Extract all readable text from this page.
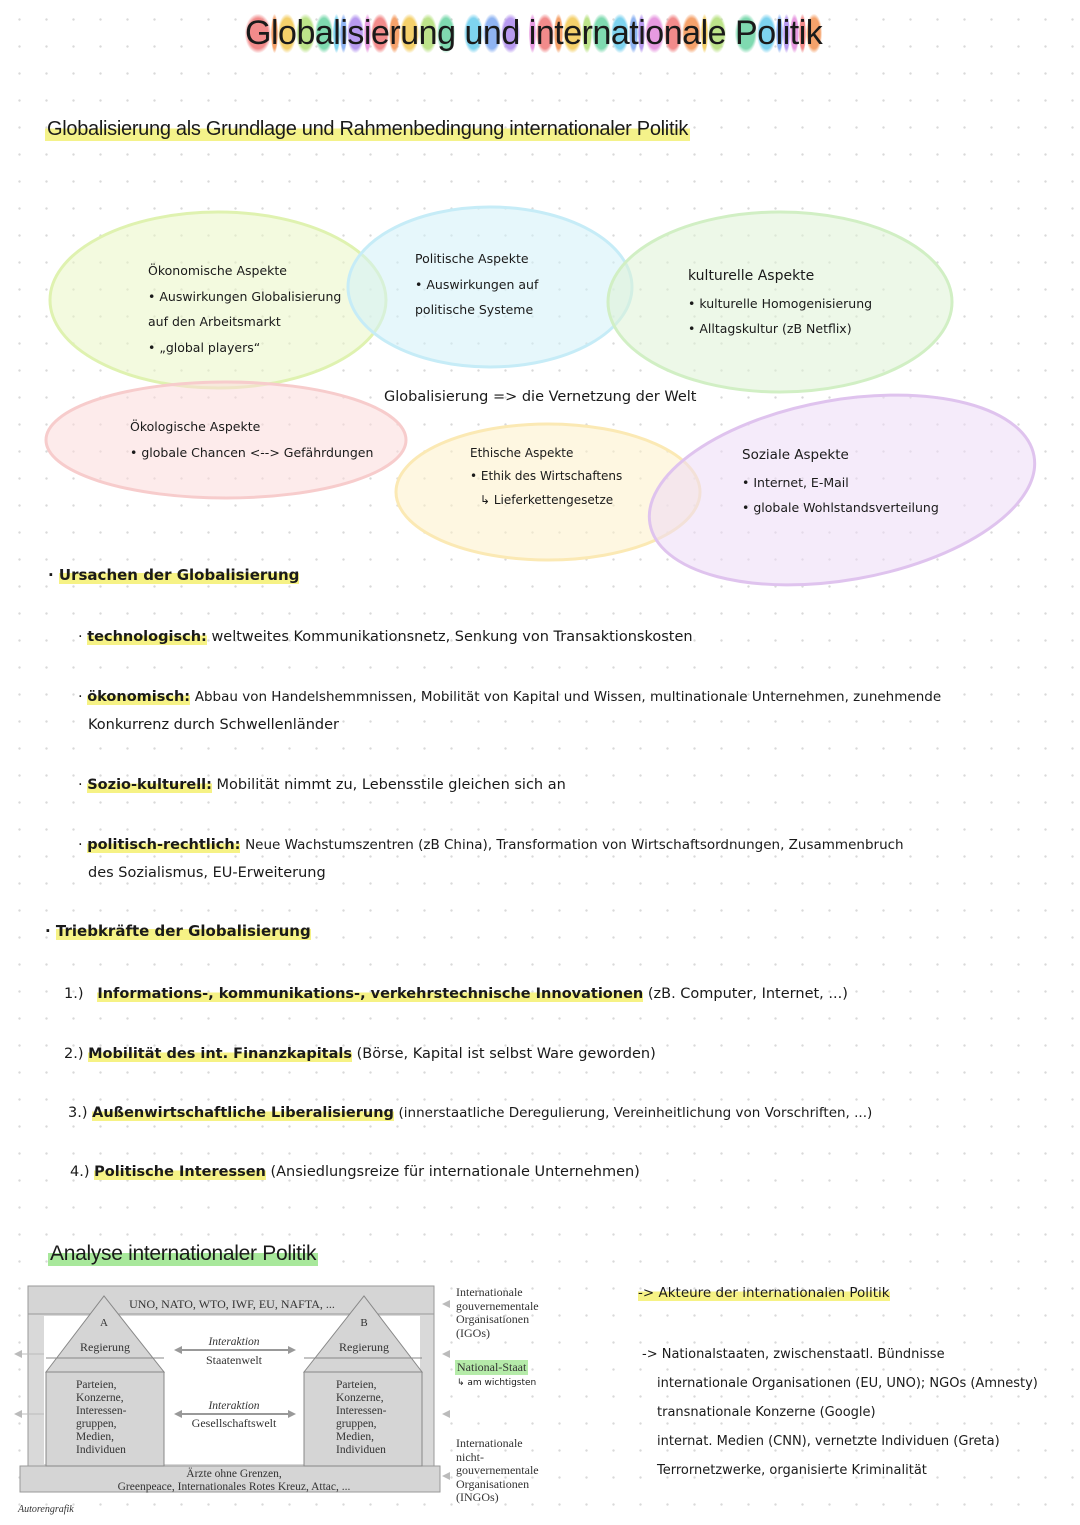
Globalisierung und internationale Politik
Globalisierung als Grundlage und Rahmenbedingung internationaler Politik
Ökonomische Aspekte
• Auswirkungen Globalisierung
auf den Arbeitsmarkt
• „global players“
Politische Aspekte
• Auswirkungen auf
politische Systeme
kulturelle Aspekte
• kulturelle Homogenisierung
• Alltagskultur (zB Netflix)
Globalisierung => die Vernetzung der Welt
Ökologische Aspekte
• globale Chancen <--> Gefährdungen	Ethische Aspekte
• Ethik des Wirtschaftens
↳ Lieferkettengesetze
Soziale Aspekte
• Internet, E-Mail
• globale Wohlstandsverteilung
· Ursachen der Globalisierung
· technologisch: weltweites Kommunikationsnetz, Senkung von Transaktionskosten
· ökonomisch: Abbau von Handelshemmnissen, Mobilität von Kapital und Wissen, multinationale Unternehmen, zunehmende
Konkurrenz durch Schwellenländer
· Sozio-kulturell: Mobilität nimmt zu, Lebensstile gleichen sich an
· politisch-rechtlich: Neue Wachstumszentren (zB China), Transformation von Wirtschaftsordnungen, Zusammenbruch
des Sozialismus, EU-Erweiterung
· Triebkräfte der Globalisierung
1.) Informations-, kommunikations-, verkehrstechnische Innovationen (zB. Computer, Internet, ...)
2.) Mobilität des int. Finanzkapitals (Börse, Kapital ist selbst Ware geworden)
3.) Außenwirtschaftliche Liberalisierung (innerstaatliche Deregulierung, Vereinheitlichung von Vorschriften, ...)
4.) Politische Interessen (Ansiedlungsreize für internationale Unternehmen)
Analyse internationaler Politik
UNO, NATO, WTO, IWF, EU, NAFTA, ...
Ärzte ohne Grenzen,
Greenpeace, Internationales Rotes Kreuz, Attac, ...
A
Regierung
B
Regierung
Parteien,
Konzerne,
Interessen-
gruppen,
Medien,
Individuen
Parteien,
Konzerne,
Interessen-
gruppen,
Medien,
Individuen
Interaktion
Staatenwelt
Interaktion
Gesellschaftswelt
Internationale
gouvernementale
Organisationen
(IGOs)
National-Staat
↳ am wichtigsten
Internationale
nicht-
gouvernementale
Organisationen
(INGOs)
Autorengrafik
-> Akteure der internationalen Politik
-> Nationalstaaten, zwischenstaatl. Bündnisse
internationale Organisationen (EU, UNO); NGOs (Amnesty)
transnationale Konzerne (Google)
internat. Medien (CNN), vernetzte Individuen (Greta)
Terrornetzwerke, organisierte Kriminalität
